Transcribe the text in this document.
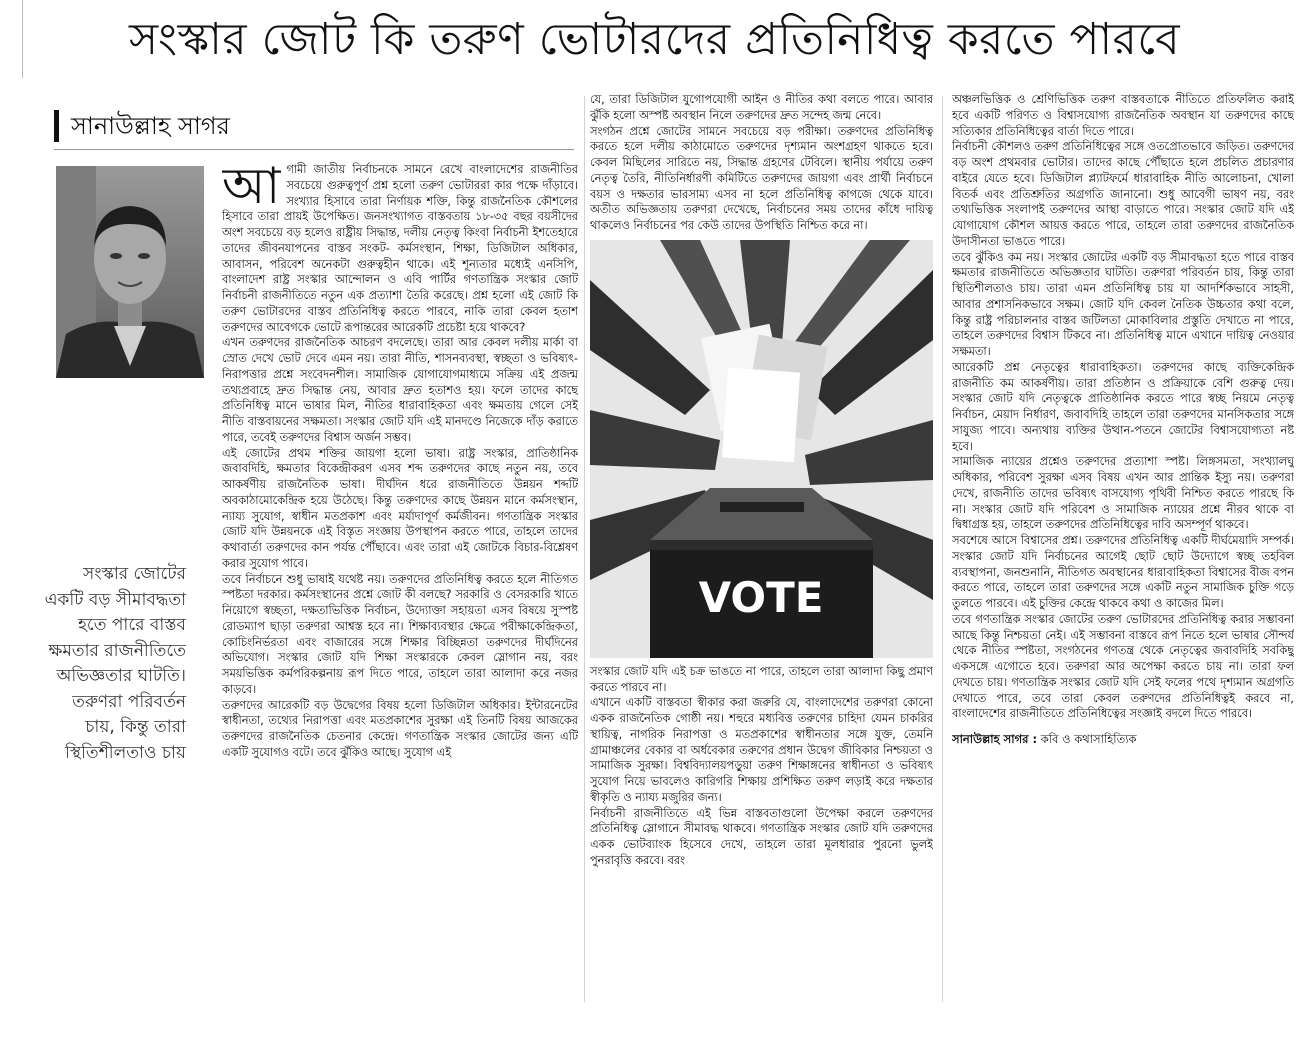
সংস্কার জোট কি তরুণ ভোটারদের প্রতিনিধিত্ব করতে পারবে
সানাউল্লাহ সাগর
সংস্কার জোটের একটি বড় সীমাবদ্ধতা হতে পারে বাস্তব ক্ষমতার রাজনীতিতে অভিজ্ঞতার ঘাটতি। তরুণরা পরিবর্তন চায়, কিন্তু তারা স্থিতিশীলতাও চায়
আ গামী জাতীয় নির্বাচনকে সামনে রেখে বাংলাদেশের রাজনীতির সবচেয়ে গুরুত্বপূর্ণ প্রশ্ন হলো তরুণ ভোটাররা কার পক্ষে দাঁড়াবে। সংখ্যার হিসাবে তারা নির্ণায়ক শক্তি, কিন্তু রাজনৈতিক কৌশলের হিসাবে তারা প্রায়ই উপেক্ষিত। জনসংখ্যাগত বাস্তবতায় ১৮-৩৫ বছর বয়সীদের অংশ সবচেয়ে বড় হলেও রাষ্ট্রীয় সিদ্ধান্ত, দলীয় নেতৃত্ব কিংবা নির্বাচনী ইশতেহারে তাদের জীবনযাপনের বাস্তব সংকট- কর্মসংস্থান, শিক্ষা, ডিজিটাল অধিকার, আবাসন, পরিবেশ অনেকটা গুরুত্বহীন থাকে। এই শূন্যতার মধ্যেই এনসিপি, বাংলাদেশ রাষ্ট্র সংস্কার আন্দোলন ও এবি পার্টির গণতান্ত্রিক সংস্কার জোট নির্বাচনী রাজনীতিতে নতুন এক প্রত্যাশা তৈরি করেছে। প্রশ্ন হলো এই জোট কি তরুণ ভোটারদের বাস্তব প্রতিনিধিত্ব করতে পারবে, নাকি তারা কেবল হতাশ তরুণদের আবেগকে ভোটে রূপান্তরের আরেকটি প্রচেষ্টা হয়ে থাকবে?

এখন তরুণদের রাজনৈতিক আচরণ বদলেছে। তারা আর কেবল দলীয় মার্কা বা স্রোত দেখে ভোট দেবে এমন নয়। তারা নীতি, শাসনব্যবস্থা, স্বচ্ছতা ও ভবিষ্যৎ-নিরাপত্তার প্রশ্নে সংবেদনশীল। সামাজিক যোগাযোগমাধ্যমে সক্রিয় এই প্রজন্ম তথ্যপ্রবাহে দ্রুত সিদ্ধান্ত নেয়, আবার দ্রুত হতাশও হয়। ফলে তাদের কাছে প্রতিনিধিত্ব মানে ভাষার মিল, নীতির ধারাবাহিকতা এবং ক্ষমতায় গেলে সেই নীতি বাস্তবায়নের সক্ষমতা। সংস্কার জোট যদি এই মানদণ্ডে নিজেকে দাঁড় করাতে পারে, তবেই তরুণদের বিশ্বাস অর্জন সম্ভব।

এই জোটের প্রথম শক্তির জায়গা হলো ভাষা। রাষ্ট্র সংস্কার, প্রাতিষ্ঠানিক জবাবদিহি, ক্ষমতার বিকেন্দ্রীকরণ এসব শব্দ তরুণদের কাছে নতুন নয়, তবে আকর্ষণীয় রাজনৈতিক ভাষা। দীর্ঘদিন ধরে রাজনীতিতে উন্নয়ন শব্দটি অবকাঠামোকেন্দ্রিক হয়ে উঠেছে। কিন্তু তরুণদের কাছে উন্নয়ন মানে কর্মসংস্থান, ন্যায্য সুযোগ, স্বাধীন মতপ্রকাশ এবং মর্যাদাপূর্ণ কর্মজীবন। গণতান্ত্রিক সংস্কার জোট যদি উন্নয়নকে এই বিস্তৃত সংজ্ঞায় উপস্থাপন করতে পারে, তাহলে তাদের কথাবার্তা তরুণদের কান পর্যন্ত পৌঁছাবে। এবং তারা এই জোটকে বিচার-বিশ্লেষণ করার সুযোগ পাবে।

তবে নির্বাচনে শুধু ভাষাই যথেষ্ট নয়। তরুণদের প্রতিনিধিত্ব করতে হলে নীতিগত স্পষ্টতা দরকার। কর্মসংস্থানের প্রশ্নে জোট কী বলছে? সরকারি ও বেসরকারি খাতে নিয়োগে স্বচ্ছতা, দক্ষতাভিত্তিক নির্বাচন, উদ্যোক্তা সহায়তা এসব বিষয়ে সুস্পষ্ট রোডম্যাপ ছাড়া তরুণরা আশ্বস্ত হবে না। শিক্ষাব্যবস্থার ক্ষেত্রে পরীক্ষাকেন্দ্রিকতা, কোচিংনির্ভরতা এবং বাজারের সঙ্গে শিক্ষার বিচ্ছিন্নতা তরুণদের দীর্ঘদিনের অভিযোগ। সংস্কার জোট যদি শিক্ষা সংস্কারকে কেবল স্লোগান নয়, বরং সময়ভিত্তিক কর্মপরিকল্পনায় রূপ দিতে পারে, তাহলে তারা আলাদা করে নজর কাড়বে।

তরুণদের আরেকটি বড় উদ্বেগের বিষয় হলো ডিজিটাল অধিকার। ইন্টারনেটের স্বাধীনতা, তথ্যের নিরাপত্তা এবং মতপ্রকাশের সুরক্ষা এই তিনটি বিষয় আজকের তরুণদের রাজনৈতিক চেতনার কেন্দ্রে। গণতান্ত্রিক সংস্কার জোটের জন্য এটি একটি সুযোগও বটে। তবে ঝুঁকিও আছে। সুযোগ এই

যে, তারা ডিজিটাল যুগোপযোগী আইন ও নীতির কথা বলতে পারে। আবার ঝুঁকি হলো অস্পষ্ট অবস্থান নিলে তরুণদের দ্রুত সন্দেহ জন্ম নেবে।

সংগঠন প্রশ্নে জোটের সামনে সবচেয়ে বড় পরীক্ষা। তরুণদের প্রতিনিধিত্ব করতে হলে দলীয় কাঠামোতে তরুণদের দৃশ্যমান অংশগ্রহণ থাকতে হবে। কেবল মিছিলের সারিতে নয়, সিদ্ধান্ত গ্রহণের টেবিলে। স্থানীয় পর্যায়ে তরুণ নেতৃত্ব তৈরি, নীতিনির্ধারণী কমিটিতে তরুণদের জায়গা এবং প্রার্থী নির্বাচনে বয়স ও দক্ষতার ভারসাম্য এসব না হলে প্রতিনিধিত্ব কাগজে থেকে যাবে। অতীত অভিজ্ঞতায় তরুণরা দেখেছে, নির্বাচনের সময় তাদের কাঁধে দায়িত্ব থাকলেও নির্বাচনের পর কেউ তাদের উপস্থিতি নিশ্চিত করে না।

VOTE

সংস্কার জোট যদি এই চক্র ভাঙতে না পারে, তাহলে তারা আলাদা কিছু প্রমাণ করতে পারবে না।

এখানে একটি বাস্তবতা স্বীকার করা জরুরি যে, বাংলাদেশের তরুণরা কোনো একক রাজনৈতিক গোষ্ঠী নয়। শহুরে মধ্যবিত্ত তরুণের চাহিদা যেমন চাকরির স্থায়িত্ব, নাগরিক নিরাপত্তা ও মতপ্রকাশের স্বাধীনতার সঙ্গে যুক্ত, তেমনি গ্রামাঞ্চলের বেকার বা অর্ধবেকার তরুণের প্রধান উদ্বেগ জীবিকার নিশ্চয়তা ও সামাজিক সুরক্ষা। বিশ্ববিদ্যালয়পড়ুয়া তরুণ শিক্ষাঙ্গনের স্বাধীনতা ও ভবিষ্যৎ সুযোগ নিয়ে ভাবলেও কারিগরি শিক্ষায় প্রশিক্ষিত তরুণ লড়াই করে দক্ষতার স্বীকৃতি ও ন্যায্য মজুরির জন্য।

নির্বাচনী রাজনীতিতে এই ভিন্ন বাস্তবতাগুলো উপেক্ষা করলে তরুণদের প্রতিনিধিত্ব স্লোগানে সীমাবদ্ধ থাকবে। গণতান্ত্রিক সংস্কার জোট যদি তরুণদের একক ভোটব্যাংক হিসেবে দেখে, তাহলে তারা মূলধারার পুরনো ভুলই পুনরাবৃত্তি করবে। বরং

অঞ্চলভিত্তিক ও শ্রেণিভিত্তিক তরুণ বাস্তবতাকে নীতিতে প্রতিফলিত করাই হবে একটি পরিণত ও বিশ্বাসযোগ্য রাজনৈতিক অবস্থান যা তরুণদের কাছে সত্যিকার প্রতিনিধিত্বের বার্তা দিতে পারে।

নির্বাচনী কৌশলও তরুণ প্রতিনিধিত্বের সঙ্গে ওতপ্রোতভাবে জড়িত। তরুণদের বড় অংশ প্রথমবার ভোটার। তাদের কাছে পৌঁছাতে হলে প্রচলিত প্রচারণার বাইরে যেতে হবে। ডিজিটাল প্ল্যাটফর্মে ধারাবাহিক নীতি আলোচনা, খোলা বিতর্ক এবং প্রতিশ্রুতির অগ্রগতি জানানো। শুধু আবেগী ভাষণ নয়, বরং তথ্যভিত্তিক সংলাপই তরুণদের আস্থা বাড়াতে পারে। সংস্কার জোট যদি এই যোগাযোগ কৌশল আয়ত্ত করতে পারে, তাহলে তারা তরুণদের রাজনৈতিক উদাসীনতা ভাঙতে পারে।

তবে ঝুঁকিও কম নয়। সংস্কার জোটের একটি বড় সীমাবদ্ধতা হতে পারে বাস্তব ক্ষমতার রাজনীতিতে অভিজ্ঞতার ঘাটতি। তরুণরা পরিবর্তন চায়, কিন্তু তারা স্থিতিশীলতাও চায়। তারা এমন প্রতিনিধিত্ব চায় যা আদর্শিকভাবে সাহসী, আবার প্রশাসনিকভাবে সক্ষম। জোট যদি কেবল নৈতিক উচ্চতার কথা বলে, কিন্তু রাষ্ট্র পরিচালনার বাস্তব জটিলতা মোকাবিলার প্রস্তুতি দেখাতে না পারে, তাহলে তরুণদের বিশ্বাস টিকবে না। প্রতিনিধিত্ব মানে এখানে দায়িত্ব নেওয়ার সক্ষমতা।

আরেকটি প্রশ্ন নেতৃত্বের ধারাবাহিকতা। তরুণদের কাছে ব্যক্তিকেন্দ্রিক রাজনীতি কম আকর্ষণীয়। তারা প্রতিষ্ঠান ও প্রক্রিয়াকে বেশি গুরুত্ব দেয়। সংস্কার জোট যদি নেতৃত্বকে প্রাতিষ্ঠানিক করতে পারে স্বচ্ছ নিয়মে নেতৃত্ব নির্বাচন, মেয়াদ নির্ধারণ, জবাবদিহি তাহলে তারা তরুণদের মানসিকতার সঙ্গে সাযুজ্য পাবে। অন্যথায় ব্যক্তির উত্থান-পতনে জোটের বিশ্বাসযোগ্যতা নষ্ট হবে।

সামাজিক ন্যায়ের প্রশ্নেও তরুণদের প্রত্যাশা স্পষ্ট। লিঙ্গসমতা, সংখ্যালঘু অধিকার, পরিবেশ সুরক্ষা এসব বিষয় এখন আর প্রান্তিক ইস্যু নয়। তরুণরা দেখে, রাজনীতি তাদের ভবিষ্যৎ বাসযোগ্য পৃথিবী নিশ্চিত করতে পারছে কি না। সংস্কার জোট যদি পরিবেশ ও সামাজিক ন্যায়ের প্রশ্নে নীরব থাকে বা দ্বিধাগ্রস্ত হয়, তাহলে তরুণদের প্রতিনিধিত্বের দাবি অসম্পূর্ণ থাকবে।

সবশেষে আসে বিশ্বাসের প্রশ্ন। তরুণদের প্রতিনিধিত্ব একটি দীর্ঘমেয়াদি সম্পর্ক। সংস্কার জোট যদি নির্বাচনের আগেই ছোট ছোট উদ্যোগে স্বচ্ছ তহবিল ব্যবস্থাপনা, জনশুনানি, নীতিগত অবস্থানের ধারাবাহিকতা বিশ্বাসের বীজ বপন করতে পারে, তাহলে তারা তরুণদের সঙ্গে একটি নতুন সামাজিক চুক্তি গড়ে তুলতে পারবে। এই চুক্তির কেন্দ্রে থাকবে কথা ও কাজের মিল।

তবে গণতান্ত্রিক সংস্কার জোটের তরুণ ভোটারদের প্রতিনিধিত্ব করার সম্ভাবনা আছে কিন্তু নিশ্চয়তা নেই। এই সম্ভাবনা বাস্তবে রূপ নিতে হলে ভাষার সৌন্দর্য থেকে নীতির স্পষ্টতা, সংগঠনের গণতন্ত্র থেকে নেতৃত্বের জবাবদিহি সবকিছু একসঙ্গে এগোতে হবে। তরুণরা আর অপেক্ষা করতে চায় না। তারা ফল দেখতে চায়। গণতান্ত্রিক সংস্কার জোট যদি সেই ফলের পথে দৃশ্যমান অগ্রগতি দেখাতে পারে, তবে তারা কেবল তরুণদের প্রতিনিধিত্বই করবে না, বাংলাদেশের রাজনীতিতে প্রতিনিধিত্বের সংজ্ঞাই বদলে দিতে পারবে।

সানাউল্লাহ সাগর : কবি ও কথাসাহিত্যিক
